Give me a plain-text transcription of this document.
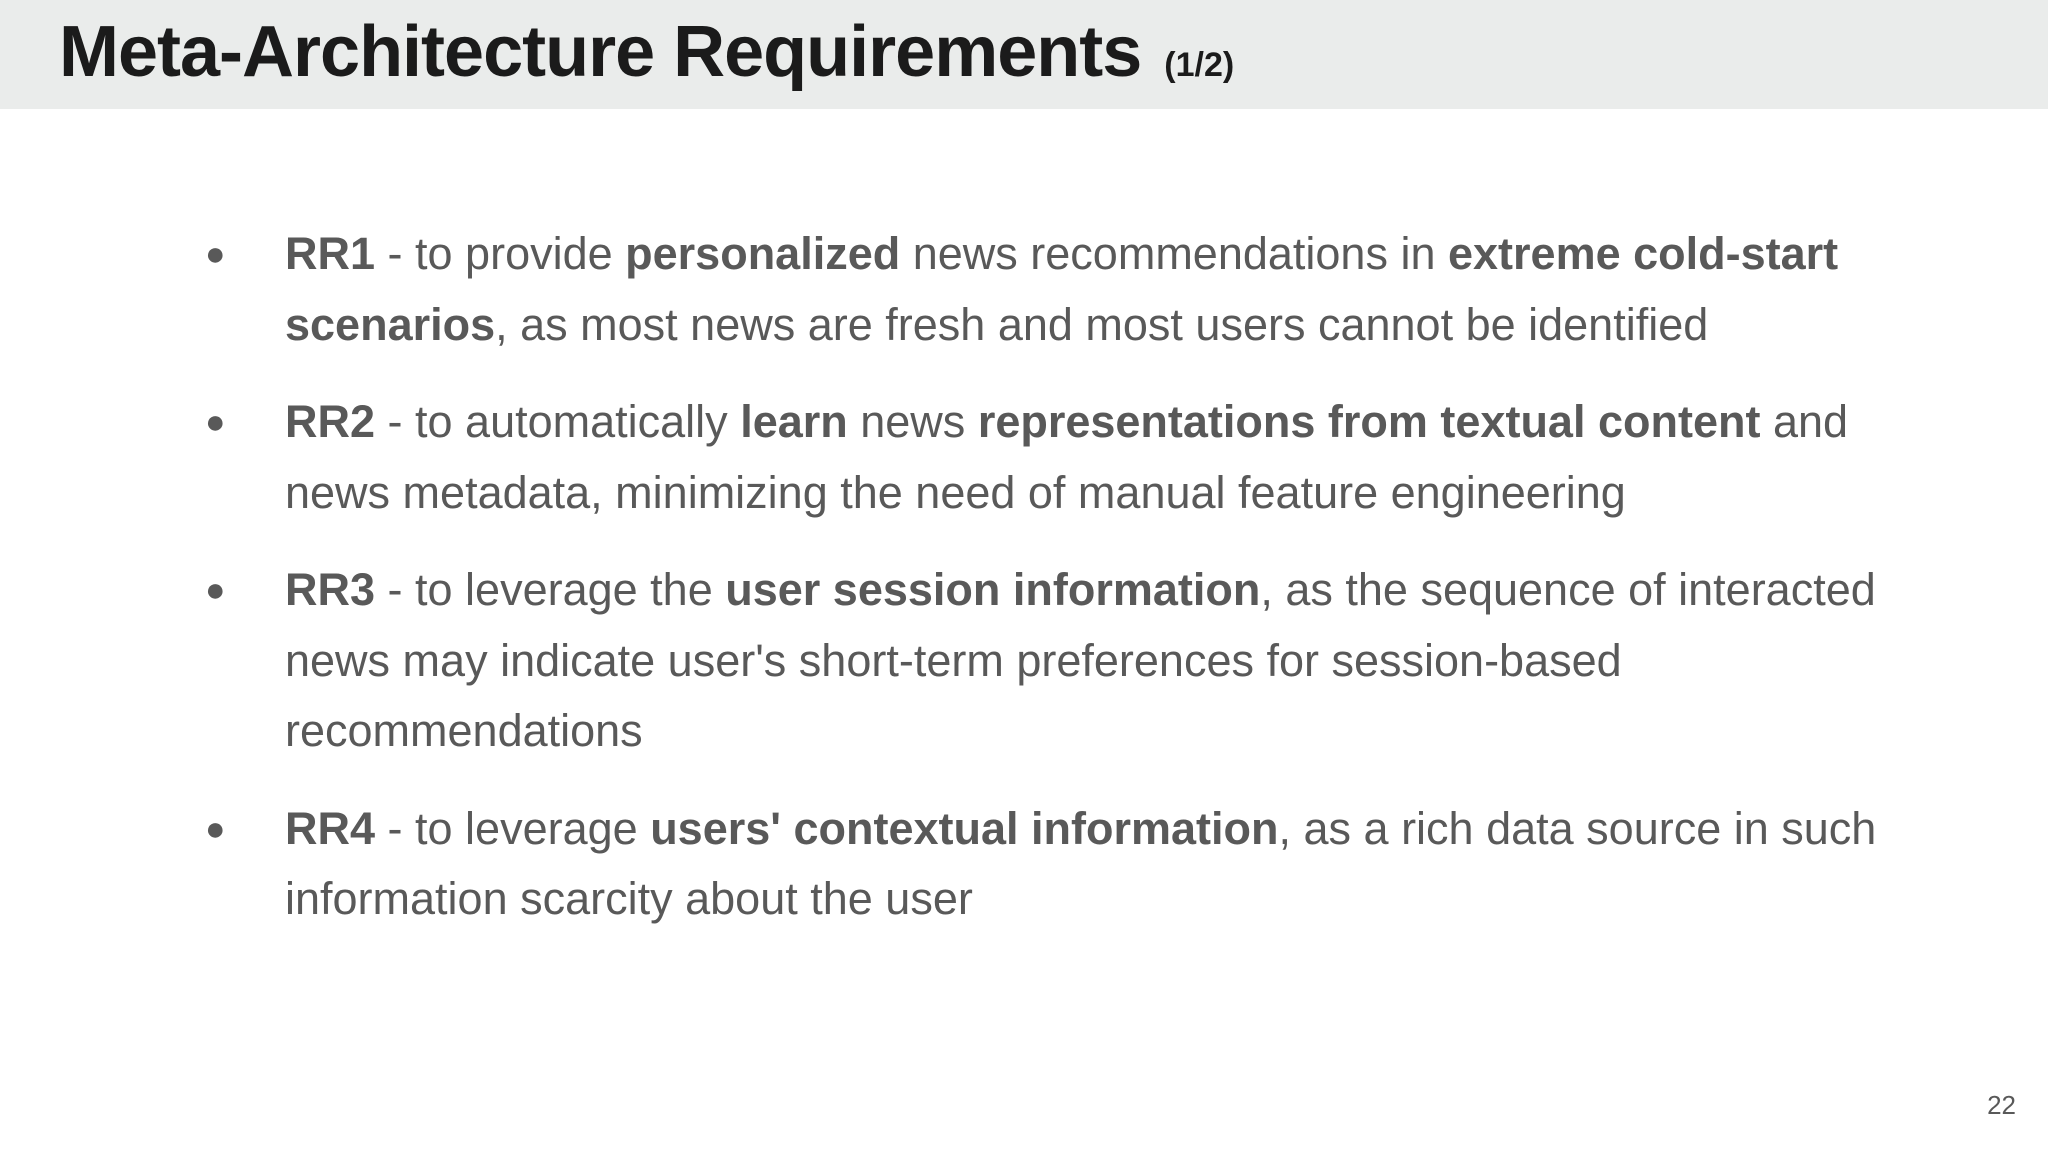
Meta-Architecture Requirements (1/2)
● RR1 - to provide personalized news recommendations in extreme cold-start scenarios, as most news are fresh and most users cannot be identified
● RR2 - to automatically learn news representations from textual content and news metadata, minimizing the need of manual feature engineering
● RR3 - to leverage the user session information, as the sequence of interacted news may indicate user's short-term preferences for session-based recommendations
● RR4 - to leverage users' contextual information, as a rich data source in such information scarcity about the user
22
